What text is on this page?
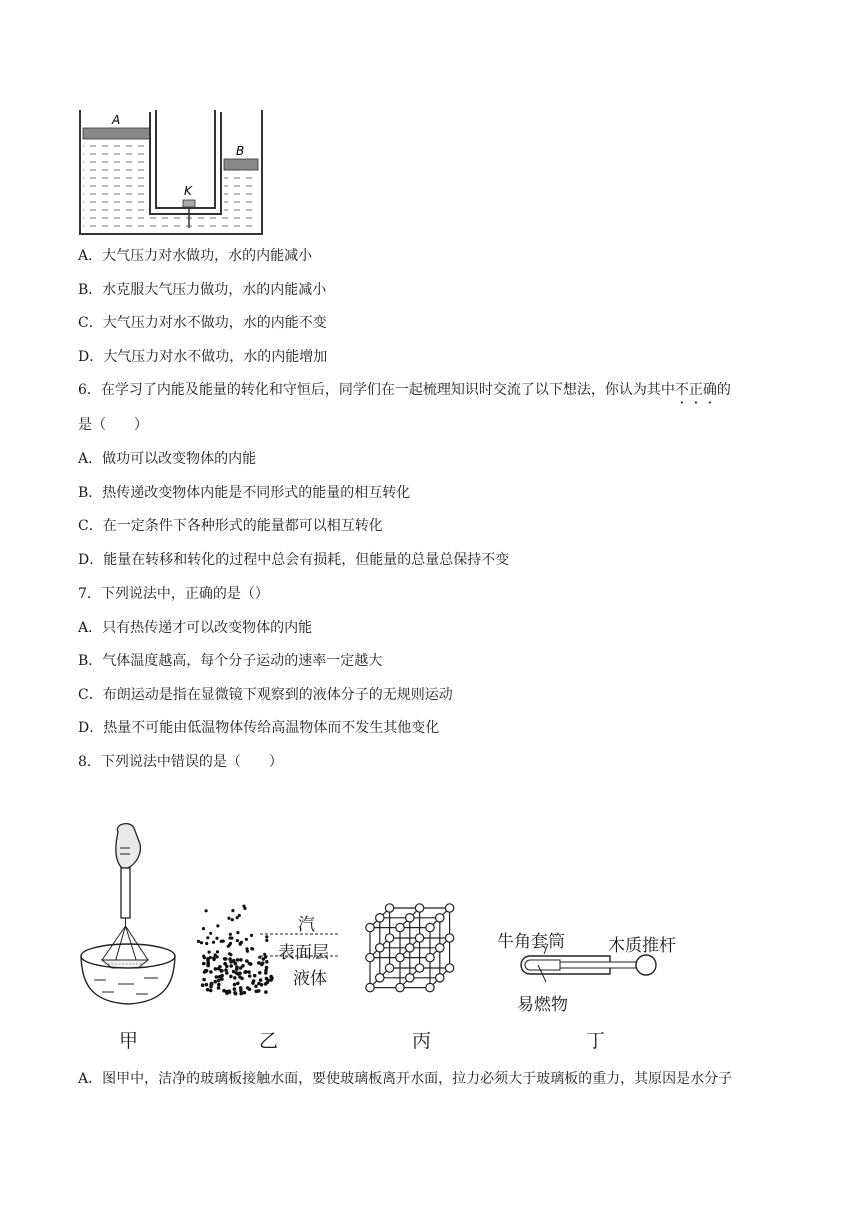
A
B
K
A．大气压力对水做功，水的内能减小
B．水克服大气压力做功，水的内能减小
C．大气压力对水不做功，水的内能不变
D．大气压力对水不做功，水的内能增加
6．在学习了内能及能量的转化和守恒后，同学们在一起梳理知识时交流了以下想法，你认为其中不正确的
是（　　）
A．做功可以改变物体的内能
B．热传递改变物体内能是不同形式的能量的相互转化
C．在一定条件下各种形式的能量都可以相互转化
D．能量在转移和转化的过程中总会有损耗，但能量的总量总保持不变
7．下列说法中，正确的是（）
A．只有热传递才可以改变物体的内能
B．气体温度越高，每个分子运动的速率一定越大
C．布朗运动是指在显微镜下观察到的液体分子的无规则运动
D．热量不可能由低温物体传给高温物体而不发生其他变化
8．下列说法中错误的是（　　）
汽
表面层
液体
牛角套筒	木质推杆
易燃物
甲	乙	丙	丁
A．图甲中，洁净的玻璃板接触水面，要使玻璃板离开水面，拉力必须大于玻璃板的重力，其原因是水分子
